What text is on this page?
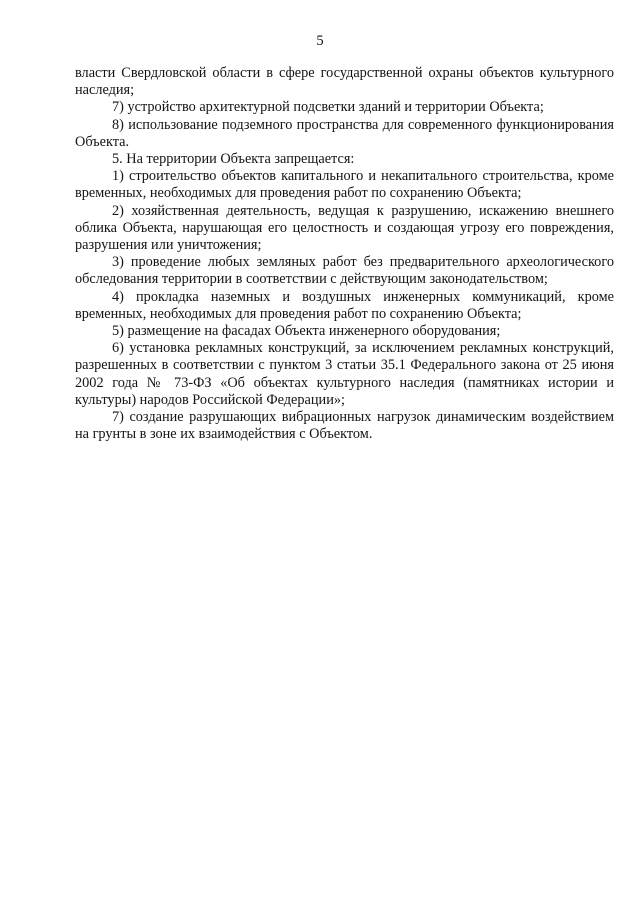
5

власти Свердловской области в сфере государственной охраны объектов культурного наследия;

7) устройство архитектурной подсветки зданий и территории Объекта;

8) использование подземного пространства для современного функционирования Объекта.

5. На территории Объекта запрещается:

1) строительство объектов капитального и некапитального строительства, кроме временных, необходимых для проведения работ по сохранению Объекта;

2) хозяйственная деятельность, ведущая к разрушению, искажению внешнего облика Объекта, нарушающая его целостность и создающая угрозу его повреждения, разрушения или уничтожения;

3) проведение любых земляных работ без предварительного археологического обследования территории в соответствии с действующим законодательством;

4) прокладка наземных и воздушных инженерных коммуникаций, кроме временных, необходимых для проведения работ по сохранению Объекта;

5) размещение на фасадах Объекта инженерного оборудования;

6) установка рекламных конструкций, за исключением рекламных конструкций, разрешенных в соответствии с пунктом 3 статьи 35.1 Федерального закона от 25 июня 2002 года № 73-ФЗ «Об объектах культурного наследия (памятниках истории и культуры) народов Российской Федерации»;

7) создание разрушающих вибрационных нагрузок динамическим воздействием на грунты в зоне их взаимодействия с Объектом.
